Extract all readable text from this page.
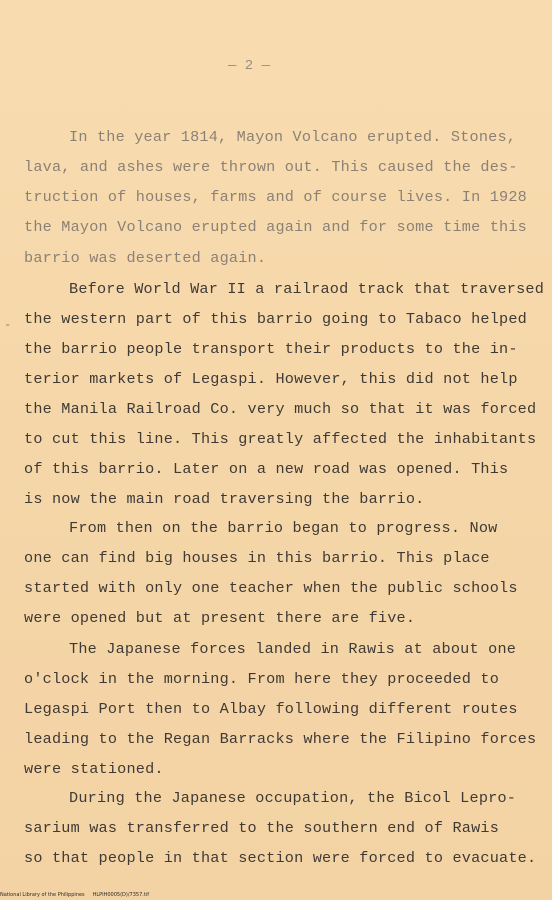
— 2 —
-
In the year 1814, Mayon Volcano erupted. Stones,
lava, and ashes were thrown out. This caused the des-
truction of houses, farms and of course lives. In 1928
the Mayon Volcano erupted again and for some time this
barrio was deserted again.
Before World War II a railraod track that traversed
the western part of this barrio going to Tabaco helped
the barrio people transport their products to the in-
terior markets of Legaspi. However, this did not help
the Manila Railroad Co. very much so that it was forced
to cut this line. This greatly affected the inhabitants
of this barrio. Later on a new road was opened. This
is now the main road traversing the barrio.
From then on the barrio began to progress. Now
one can find big houses in this barrio. This place
started with only one teacher when the public schools
were opened but at present there are five.
The Japanese forces landed in Rawis at about one
o'clock in the morning. From here they proceeded to
Legaspi Port then to Albay following different routes
leading to the Regan Barracks where the Filipino forces
were stationed.
During the Japanese occupation, the Bicol Lepro-
sarium was transferred to the southern end of Rawis
so that people in that section were forced to evacuate.
National Library of the Philippines     HLPIH0005(D)/7357.tif
